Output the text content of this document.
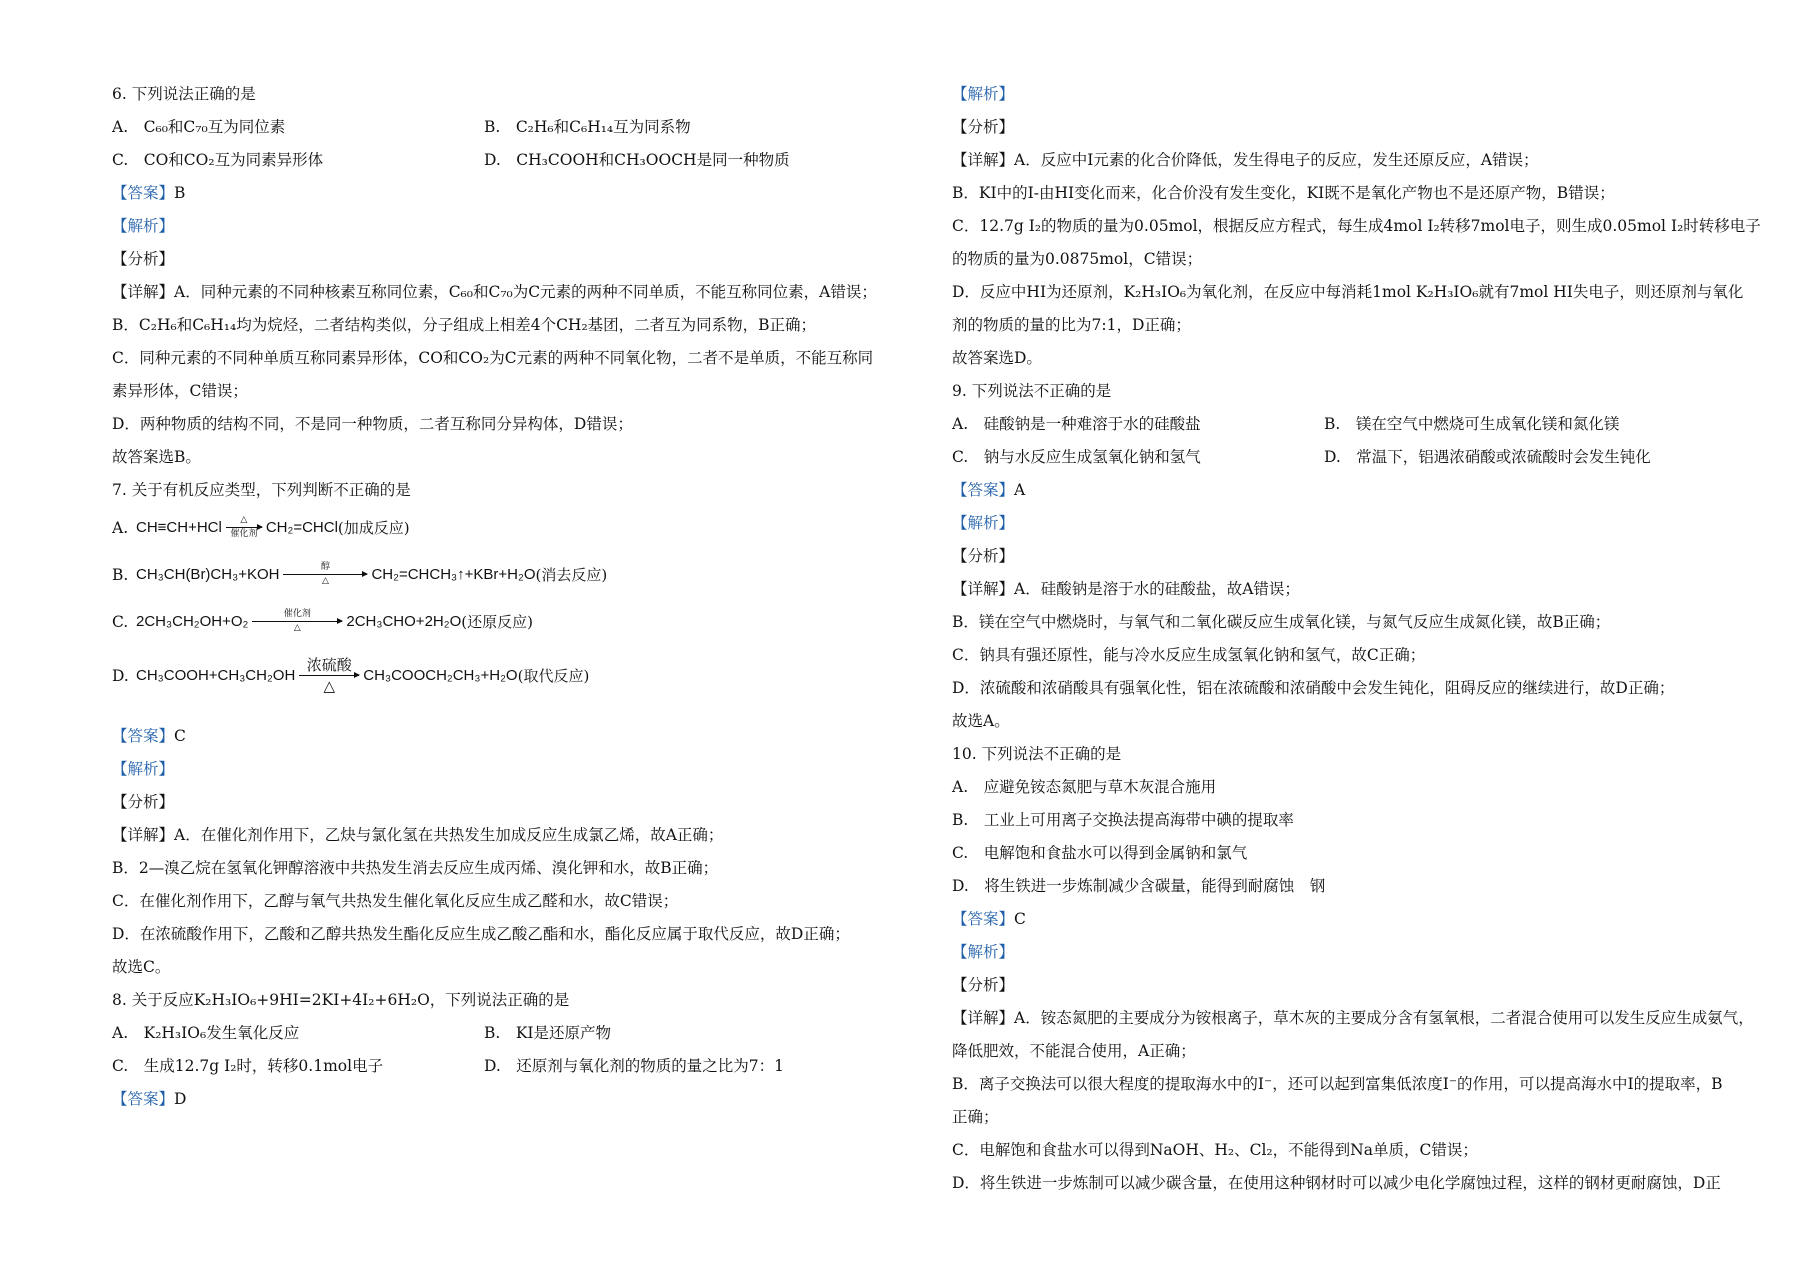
6. 下列说法正确的是
A.　C₆₀和C₇₀互为同位素	B.　C₂H₆和C₆H₁₄互为同系物
C.　CO和CO₂互为同素异形体	D.　CH₃COOH和CH₃OOCH是同一种物质
【答案】B
【解析】
【分析】
【详解】A．同种元素的不同种核素互称同位素，C₆₀和C₇₀为C元素的两种不同单质，不能互称同位素，A错误；
B．C₂H₆和C₆H₁₄均为烷烃，二者结构类似，分子组成上相差4个CH₂基团，二者互为同系物，B正确；
C．同种元素的不同种单质互称同素异形体，CO和CO₂为C元素的两种不同氧化物，二者不是单质，不能互称同
素异形体，C错误；
D．两种物质的结构不同，不是同一种物质，二者互称同分异构体，D错误；
故答案选B。
7. 关于有机反应类型，下列判断不正确的是
A. CH≡CH+HCl △
催化剂 CH₂=CHCl (加成反应)
B. CH₃CH(Br)CH₃+KOH	醇
△	CH₂=CHCH₃↑+KBr+H₂O (消去反应)
C. 2CH₃CH₂OH+O₂	催化剂
△	2CH₃CHO+2H₂O (还原反应)
D. CH₃COOH+CH₃CH₂OH
浓硫酸
△
CH₃COOCH₂CH₃+H₂O (取代反应)
【答案】C
【解析】
【分析】
【详解】A．在催化剂作用下，乙炔与氯化氢在共热发生加成反应生成氯乙烯，故A正确；
B．2—溴乙烷在氢氧化钾醇溶液中共热发生消去反应生成丙烯、溴化钾和水，故B正确；
C．在催化剂作用下，乙醇与氧气共热发生催化氧化反应生成乙醛和水，故C错误；
D．在浓硫酸作用下，乙酸和乙醇共热发生酯化反应生成乙酸乙酯和水，酯化反应属于取代反应，故D正确；
故选C。
8. 关于反应K₂H₃IO₆+9HI=2KI+4I₂+6H₂O，下列说法正确的是
A.　K₂H₃IO₆发生氧化反应	B.　KI是还原产物
C.　生成12.7g I₂时，转移0.1mol电子	D.　还原剂与氧化剂的物质的量之比为7：1
【答案】D
【解析】
【分析】
【详解】A．反应中I元素的化合价降低，发生得电子的反应，发生还原反应，A错误；
B．KI中的I-由HI变化而来，化合价没有发生变化，KI既不是氧化产物也不是还原产物，B错误；
C．12.7g I₂的物质的量为0.05mol，根据反应方程式，每生成4mol I₂转移7mol电子，则生成0.05mol I₂时转移电子
的物质的量为0.0875mol，C错误；
D．反应中HI为还原剂，K₂H₃IO₆为氧化剂，在反应中每消耗1mol K₂H₃IO₆就有7mol HI失电子，则还原剂与氧化
剂的物质的量的比为7:1，D正确；
故答案选D。
9. 下列说法不正确的是
A.　硅酸钠是一种难溶于水的硅酸盐	B.　镁在空气中燃烧可生成氧化镁和氮化镁
C.　钠与水反应生成氢氧化钠和氢气	D.　常温下，铝遇浓硝酸或浓硫酸时会发生钝化
【答案】A
【解析】
【分析】
【详解】A．硅酸钠是溶于水的硅酸盐，故A错误；
B．镁在空气中燃烧时，与氧气和二氧化碳反应生成氧化镁，与氮气反应生成氮化镁，故B正确；
C．钠具有强还原性，能与冷水反应生成氢氧化钠和氢气，故C正确；
D．浓硫酸和浓硝酸具有强氧化性，铝在浓硫酸和浓硝酸中会发生钝化，阻碍反应的继续进行，故D正确；
故选A。
10. 下列说法不正确的是
A.　应避免铵态氮肥与草木灰混合施用
B.　工业上可用离子交换法提高海带中碘的提取率
C.　电解饱和食盐水可以得到金属钠和氯气
D.　将生铁进一步炼制减少含碳量，能得到耐腐蚀　钢
【答案】C
【解析】
【分析】
【详解】A．铵态氮肥的主要成分为铵根离子，草木灰的主要成分含有氢氧根，二者混合使用可以发生反应生成氨气，
降低肥效，不能混合使用，A正确；
B．离子交换法可以很大程度的提取海水中的I⁻，还可以起到富集低浓度I⁻的作用，可以提高海水中I的提取率，B
正确；
C．电解饱和食盐水可以得到NaOH、H₂、Cl₂，不能得到Na单质，C错误；
D．将生铁进一步炼制可以减少碳含量，在使用这种钢材时可以减少电化学腐蚀过程，这样的钢材更耐腐蚀，D正
